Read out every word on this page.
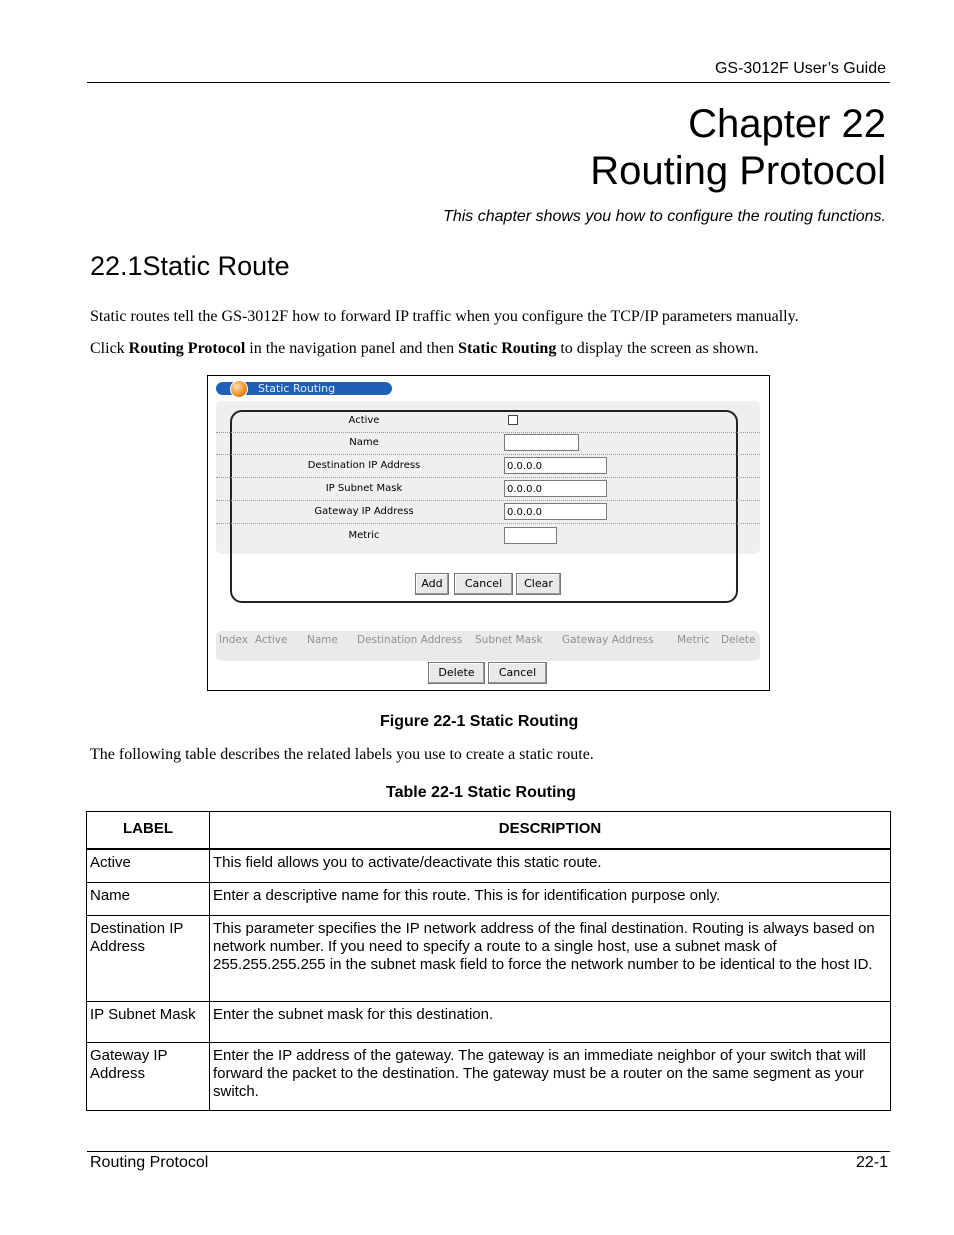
GS-3012F User’s Guide
Chapter 22
Routing Protocol
This chapter shows you how to configure the routing functions.
22.1Static Route
Static routes tell the GS-3012F how to forward IP traffic when you configure the TCP/IP parameters manually.
Click Routing Protocol in the navigation panel and then Static Routing to display the screen as shown.
Static Routing
Active
Name
Destination IP Address	0.0.0.0
IP Subnet Mask	0.0.0.0
Gateway IP Address	0.0.0.0
Metric
Add	Cancel	Clear
Index Active Name Destination Address Subnet Mask Gateway Address Metric Delete
Delete	Cancel
Figure 22-1 Static Routing
The following table describes the related labels you use to create a static route.
Table 22-1 Static Routing
LABEL	DESCRIPTION
Active	This field allows you to activate/deactivate this static route.
Name	Enter a descriptive name for this route. This is for identification purpose only.
Destination IP Address	This parameter specifies the IP network address of the final destination. Routing is always based on network number. If you need to specify a route to a single host, use a subnet mask of 255.255.255.255 in the subnet mask field to force the network number to be identical to the host ID.
IP Subnet Mask	Enter the subnet mask for this destination.
Gateway IP Address	Enter the IP address of the gateway. The gateway is an immediate neighbor of your switch that will forward the packet to the destination. The gateway must be a router on the same segment as your switch.
Routing Protocol	22-1
